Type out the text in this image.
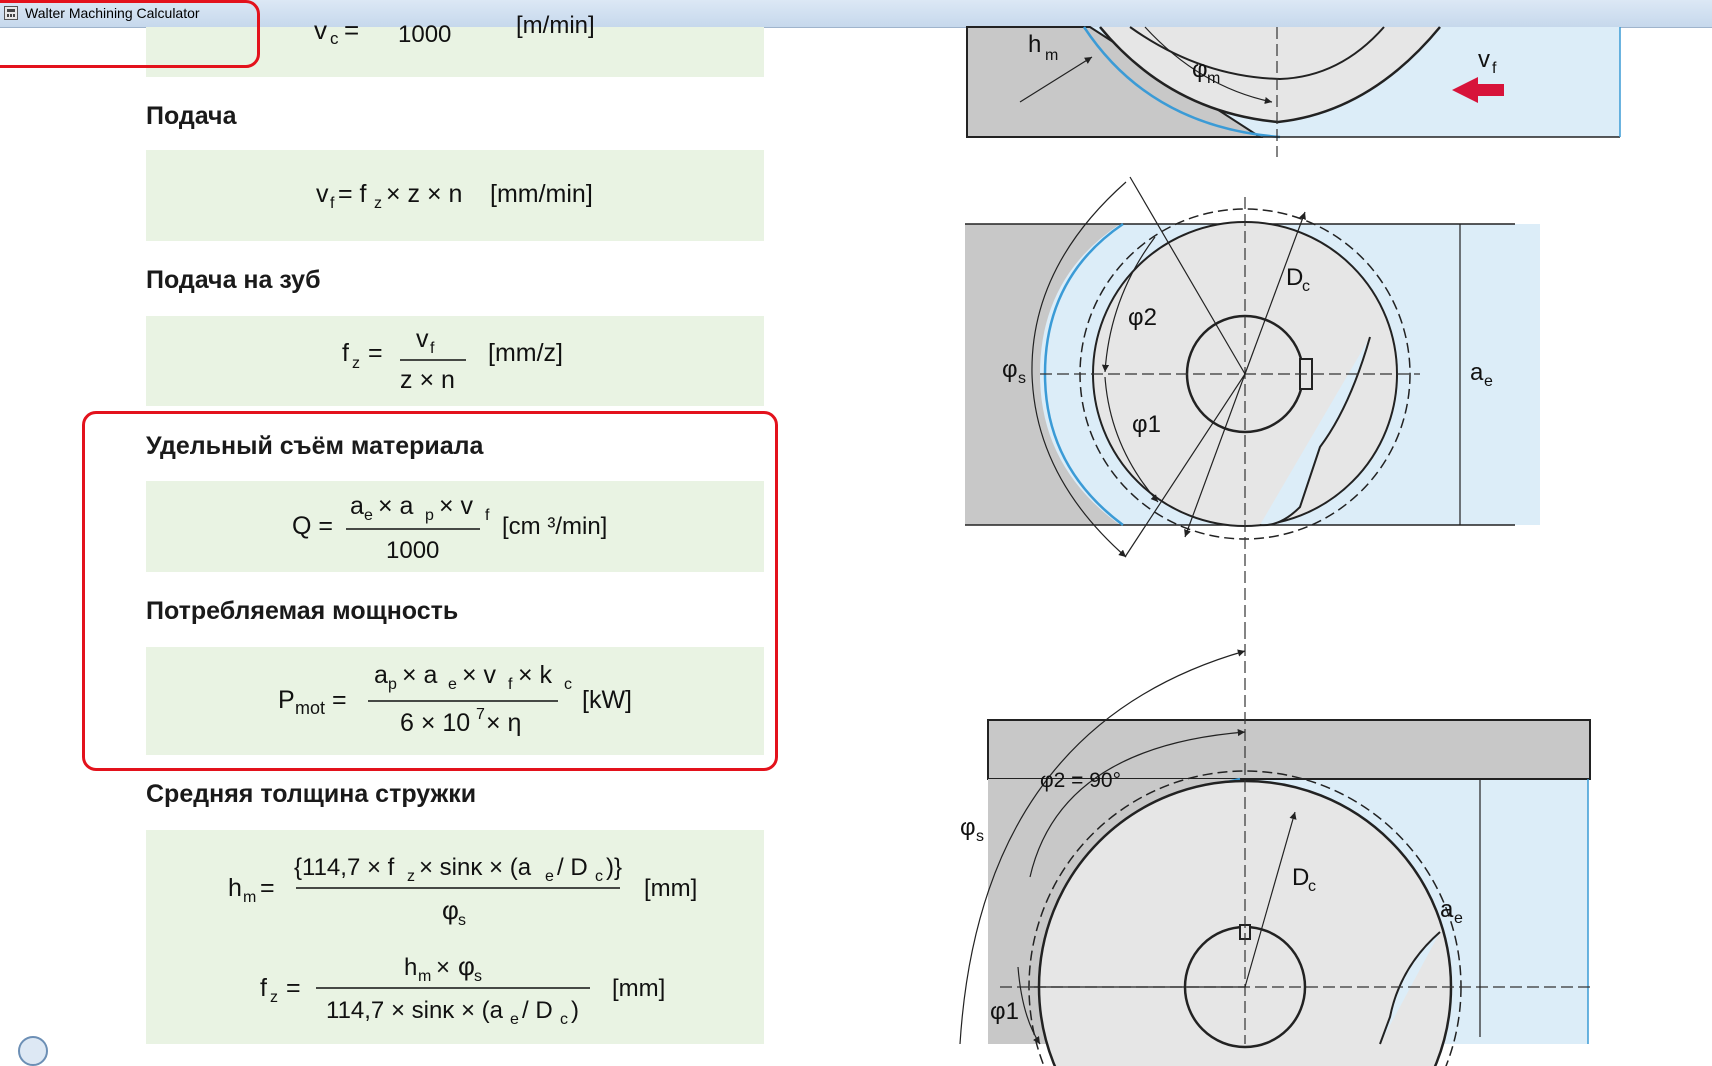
Walter Machining Calculator
v c = 1000	[m/min]
Подача
v f = f z × z × n [mm/min]
Подача на зуб
f z = v f
z × n
[mm/z]
Удельный съём материала
Q =
a e × a p × v f
1000
[cm ³/min]
Потребляемая мощность
P mot =
a p × a e × v f × k c
6 × 10 7 × η
[kW]
Средняя толщина стружки
h m =
{114,7 × f z × sinκ × (a e / D c )}
φ s
[mm]
f z =
h m × φ s
114,7 × sinκ × (a e / D c )
[mm]
h m
φ m
v f
a e
D
c
φ2
φ1
φ s
φ2 = 90°
φ s
D
c
a e
φ1
